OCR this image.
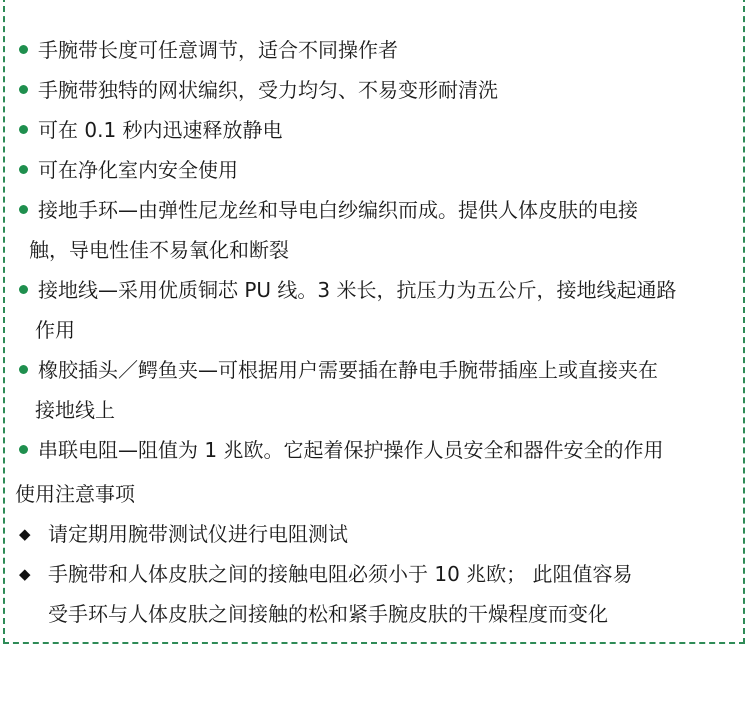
手腕带长度可任意调节，适合不同操作者
手腕带独特的网状编织，受力均匀、不易变形耐清洗
可在 0.1 秒内迅速释放静电
可在净化室内安全使用
接地手环—由弹性尼龙丝和导电白纱编织而成。提供人体皮肤的电接
触，导电性佳不易氧化和断裂
接地线—采用优质铜芯 PU 线。3 米长，抗压力为五公斤，接地线起通路
作用
橡胶插头／鳄鱼夹—可根据用户需要插在静电手腕带插座上或直接夹在
接地线上
串联电阻—阻值为 1 兆欧。它起着保护操作人员安全和器件安全的作用
使用注意事项
◆ 请定期用腕带测试仪进行电阻测试
◆ 手腕带和人体皮肤之间的接触电阻必须小于 10 兆欧； 此阻值容易
受手环与人体皮肤之间接触的松和紧手腕皮肤的干燥程度而变化
